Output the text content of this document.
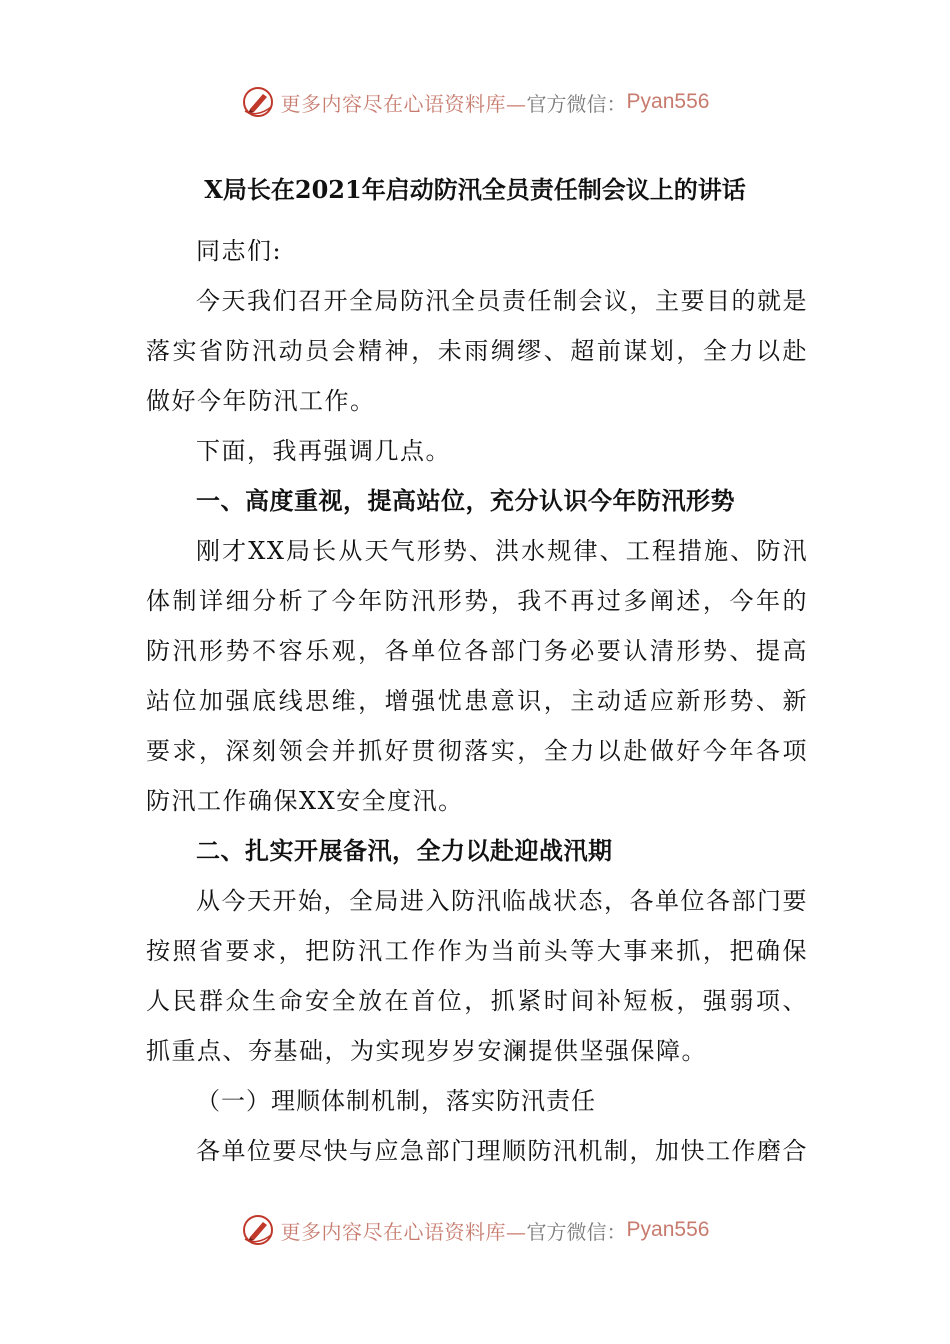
更多内容尽在心语资料库— 官方微信： Pyan556
X局长在2021年启动防汛全员责任制会议上的讲话

同志们:

今天我们召开全局防汛全员责任制会议，主要目的就是落实省防汛动员会精神，未雨绸缪、超前谋划，全力以赴做好今年防汛工作。

下面，我再强调几点。

一、高度重视，提高站位，充分认识今年防汛形势

刚才XX局长从天气形势、洪水规律、工程措施、防汛体制详细分析了今年防汛形势，我不再过多阐述，今年的防汛形势不容乐观，各单位各部门务必要认清形势、提高站位加强底线思维，增强忧患意识，主动适应新形势、新要求，深刻领会并抓好贯彻落实，全力以赴做好今年各项防汛工作确保XX安全度汛。

二、扎实开展备汛，全力以赴迎战汛期

从今天开始，全局进入防汛临战状态，各单位各部门要按照省要求，把防汛工作作为当前头等大事来抓，把确保人民群众生命安全放在首位，抓紧时间补短板，强弱项、抓重点、夯基础，为实现岁岁安澜提供坚强保障。

（一）理顺体制机制，落实防汛责任

各单位要尽快与应急部门理顺防汛机制，加快工作磨合

更多内容尽在心语资料库— 官方微信： Pyan556
